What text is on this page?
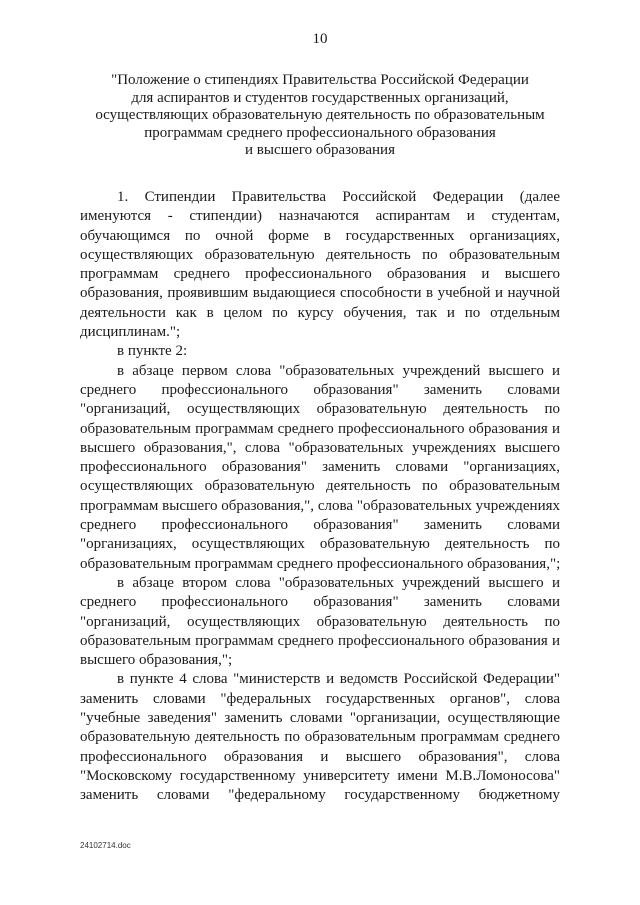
10
"Положение о стипендиях Правительства Российской Федерации
для аспирантов и студентов государственных организаций,
осуществляющих образовательную деятельность по образовательным
программам среднего профессионального образования
и высшего образования
1. Стипендии Правительства Российской Федерации (далее
именуются - стипендии) назначаются аспирантам и студентам,
обучающимся по очной форме в государственных организациях,
осуществляющих образовательную деятельность по образовательным
программам среднего профессионального образования и высшего
образования, проявившим выдающиеся способности в учебной и научной
деятельности как в целом по курсу обучения, так и по отдельным
дисциплинам.";
в пункте 2:
в абзаце первом слова "образовательных учреждений высшего и
среднего профессионального образования" заменить словами
"организаций, осуществляющих образовательную деятельность по
образовательным программам среднего профессионального образования и
высшего образования,", слова "образовательных учреждениях высшего
профессионального образования" заменить словами "организациях,
осуществляющих образовательную деятельность по образовательным
программам высшего образования,", слова "образовательных учреждениях
среднего профессионального образования" заменить словами
"организациях, осуществляющих образовательную деятельность по
образовательным программам среднего профессионального образования,";
в абзаце втором слова "образовательных учреждений высшего и
среднего профессионального образования" заменить словами
"организаций, осуществляющих образовательную деятельность по
образовательным программам среднего профессионального образования и
высшего образования,";
в пункте 4 слова "министерств и ведомств Российской Федерации"
заменить словами "федеральных государственных органов", слова
"учебные заведения" заменить словами "организации, осуществляющие
образовательную деятельность по образовательным программам среднего
профессионального образования и высшего образования", слова
"Московскому государственному университету имени М.В.Ломоносова"
заменить словами "федеральному государственному бюджетному
24102714.doc
